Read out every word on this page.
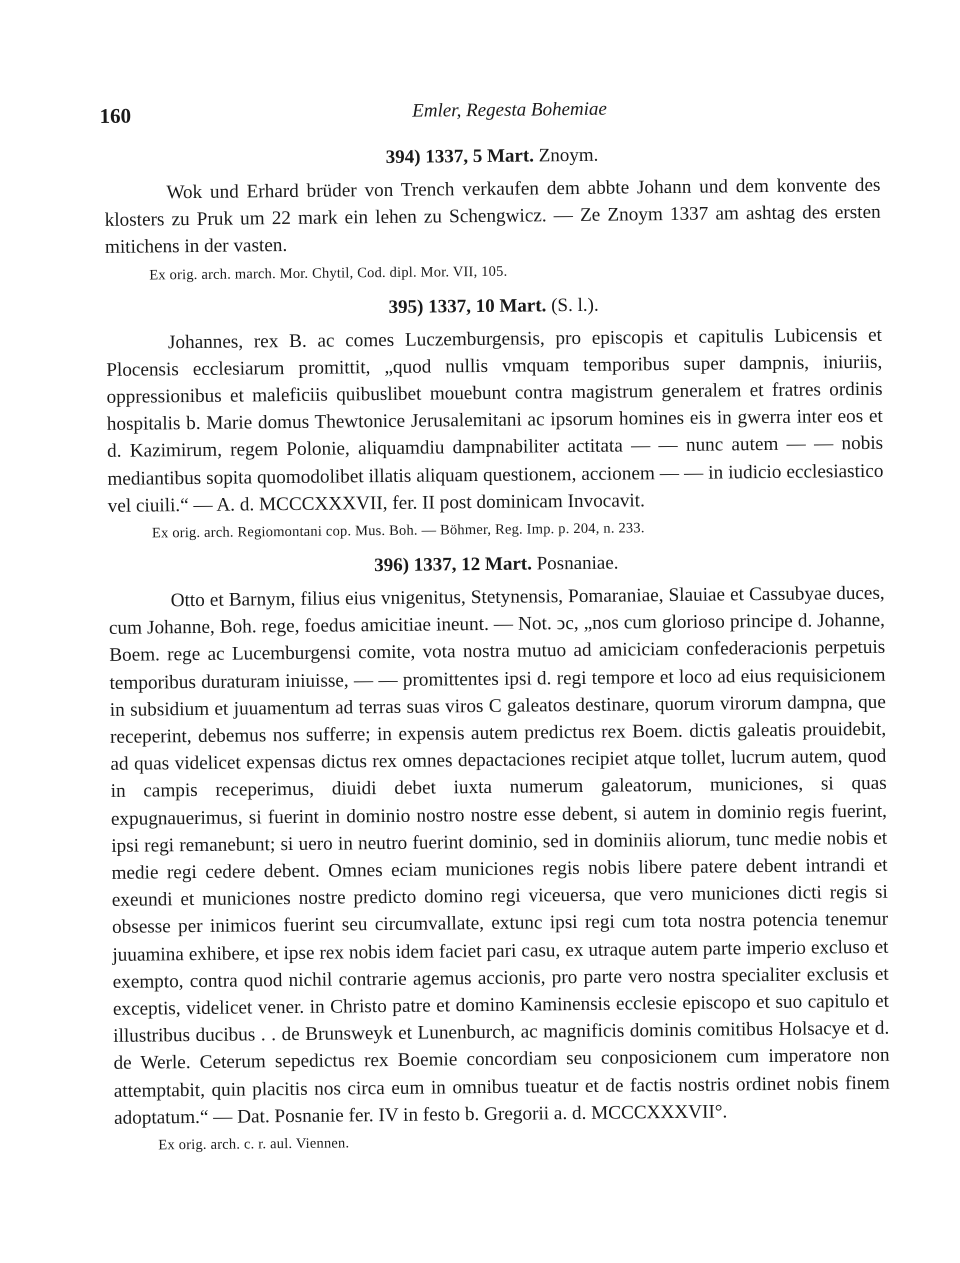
160	Emler, Regesta Bohemiae
394) 1337, 5 Mart. Znoym.

Wok und Erhard brüder von Trench verkaufen dem abbte Johann und dem konvente des klosters zu Pruk um 22 mark ein lehen zu Schengwicz. — Ze Znoym 1337 am ashtag des ersten mitichens in der vasten.

Ex orig. arch. march. Mor. Chytil, Cod. dipl. Mor. VII, 105.
395) 1337, 10 Mart. (S. l.).

Johannes, rex B. ac comes Luczemburgensis, pro episcopis et capitulis Lubicensis et Plocensis ecclesiarum promittit, „quod nullis vmquam temporibus super dampnis, iniuriis, oppressionibus et maleficiis quibuslibet mouebunt contra magistrum generalem et fratres ordinis hospitalis b. Marie domus Thewtonice Jerusalemitani ac ipsorum homines eis in gwerra inter eos et d. Kazimirum, regem Polonie, aliquamdiu dampnabiliter actitata — — nunc autem — — nobis mediantibus sopita quomodolibet illatis aliquam questionem, accionem — — in iudicio ecclesiastico vel ciuili.“ — A. d. MCCCXXXVII, fer. II post dominicam Invocavit.

Ex orig. arch. Regiomontani cop. Mus. Boh. — Böhmer, Reg. Imp. p. 204, n. 233.
396) 1337, 12 Mart. Posnaniae.

Otto et Barnym, filius eius vnigenitus, Stetynensis, Pomaraniae, Slauiae et Cassubyae duces, cum Johanne, Boh. rege, foedus amicitiae ineunt. — Not. ↄc, „nos cum glorioso principe d. Johanne, Boem. rege ac Lucemburgensi comite, vota nostra mutuo ad amiciciam confederacionis perpetuis temporibus duraturam iniuisse, — — promittentes ipsi d. regi tempore et loco ad eius requisicionem in subsidium et juuamentum ad terras suas viros C galeatos destinare, quorum virorum dampna, que receperint, debemus nos sufferre; in expensis autem predictus rex Boem. dictis galeatis prouidebit, ad quas videlicet expensas dictus rex omnes depactaciones recipiet atque tollet, lucrum autem, quod in campis receperimus, diuidi debet iuxta numerum galeatorum, municiones, si quas expugnauerimus, si fuerint in dominio nostro nostre esse debent, si autem in dominio regis fuerint, ipsi regi remanebunt; si uero in neutro fuerint dominio, sed in dominiis aliorum, tunc medie nobis et medie regi cedere debent. Omnes eciam municiones regis nobis libere patere debent intrandi et exeundi et municiones nostre predicto domino regi viceuersa, que vero municiones dicti regis si obsesse per inimicos fuerint seu circumvallate, extunc ipsi regi cum tota nostra potencia tenemur juuamina exhibere, et ipse rex nobis idem faciet pari casu, ex utraque autem parte imperio excluso et exempto, contra quod nichil contrarie agemus accionis, pro parte vero nostra specialiter exclusis et exceptis, videlicet vener. in Christo patre et domino Kaminensis ecclesie episcopo et suo capitulo et illustribus ducibus . . de Brunsweyk et Lunenburch, ac magnificis dominis comitibus Holsacye et d. de Werle. Ceterum sepedictus rex Boemie concordiam seu conposicionem cum imperatore non attemptabit, quin placitis nos circa eum in omnibus tueatur et de factis nostris ordinet nobis finem adoptatum.“ — Dat. Posnanie fer. IV in festo b. Gregorii a. d. MCCCXXXVII°.

Ex orig. arch. c. r. aul. Viennen.
